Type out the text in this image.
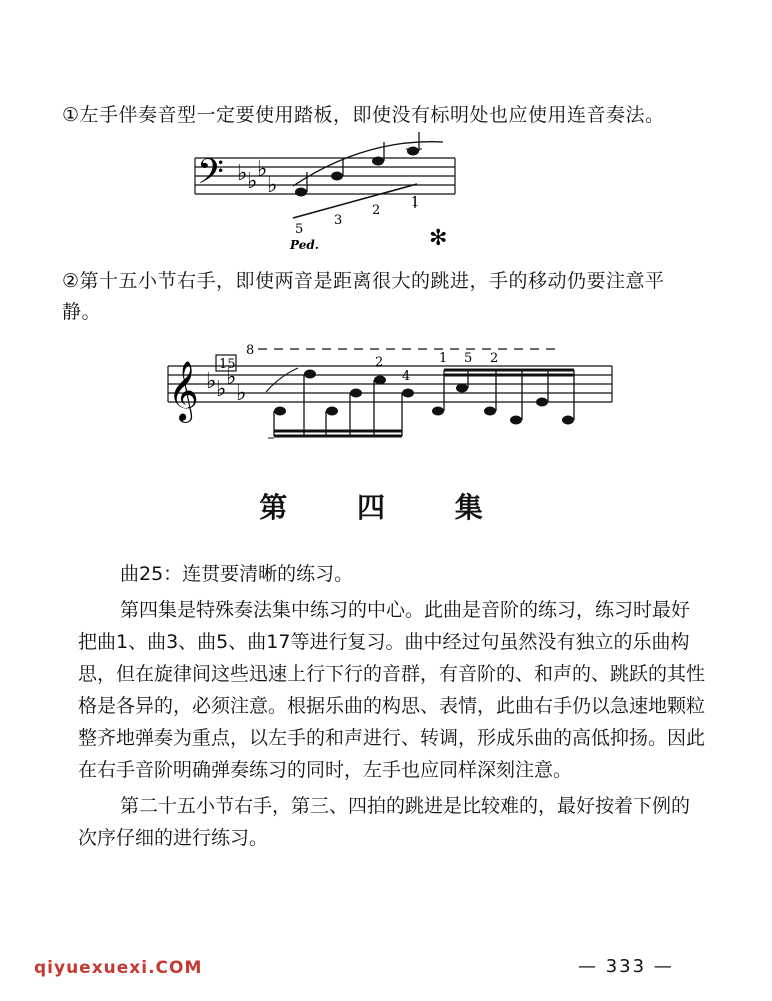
①左手伴奏音型一定要使用踏板，即使没有标明处也应使用连音奏法。
𝄢 ♭ ♭ ♭
♭
5
3
2
1
Ped.	✻
②第十五小节右手，即使两音是距离很大的跳进，手的移动仍要注意平静。
𝄞 ♭ ♭ ♭
♭
15
8
2
4
1 5 2
第 四 集

曲25：连贯要清晰的练习。

第四集是特殊奏法集中练习的中心。此曲是音阶的练习，练习时最好把曲1、曲3、曲5、曲17等进行复习。曲中经过句虽然没有独立的乐曲构思，但在旋律间这些迅速上行下行的音群，有音阶的、和声的、跳跃的其性格是各异的，必须注意。根据乐曲的构思、表情，此曲右手仍以急速地颗粒整齐地弹奏为重点，以左手的和声进行、转调，形成乐曲的高低抑扬。因此在右手音阶明确弹奏练习的同时，左手也应同样深刻注意。

第二十五小节右手，第三、四拍的跳进是比较难的，最好按着下例的次序仔细的进行练习。

qiyuexuexi.COM	— 333 —
